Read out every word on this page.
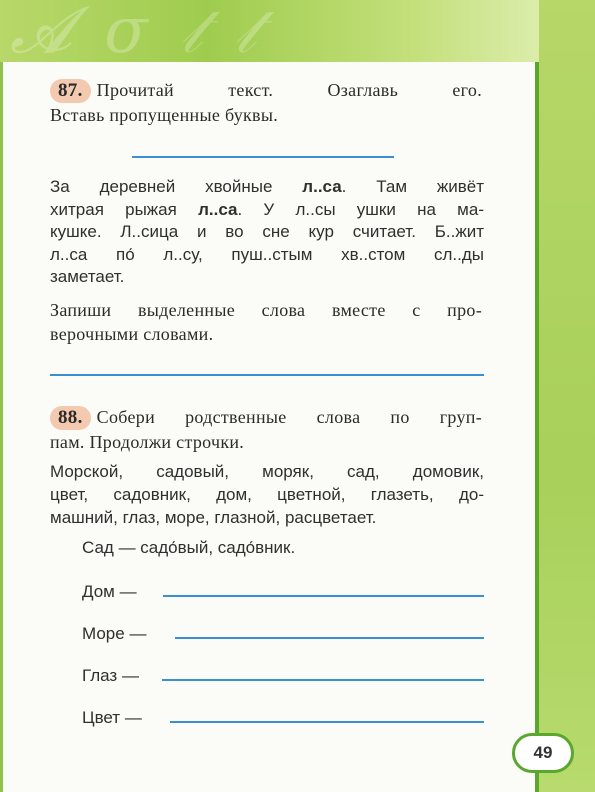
𝓐 σ 𝓉 𝓉
87. Прочитай текст. Озаглавь его.
Вставь пропущенные буквы.
За деревней хвойные л..са. Там живёт
хитрая рыжая л..са. У л..сы ушки на ма-
кушке. Л..сица и во сне кур считает. Б..жит
л..са по́ л..су, пуш..стым хв..стом сл..ды
заметает.
Запиши выделенные слова вместе с про-
верочными словами.
88. Собери родственные слова по груп-
пам. Продолжи строчки.
Морской, садовый, моряк, сад, домовик,
цвет, садовник, дом, цветной, глазеть, до-
машний, глаз, море, глазной, расцветает.
Сад — садо́вый, садо́вник.
Дом —
Море —
Глаз —
Цвет —
49
